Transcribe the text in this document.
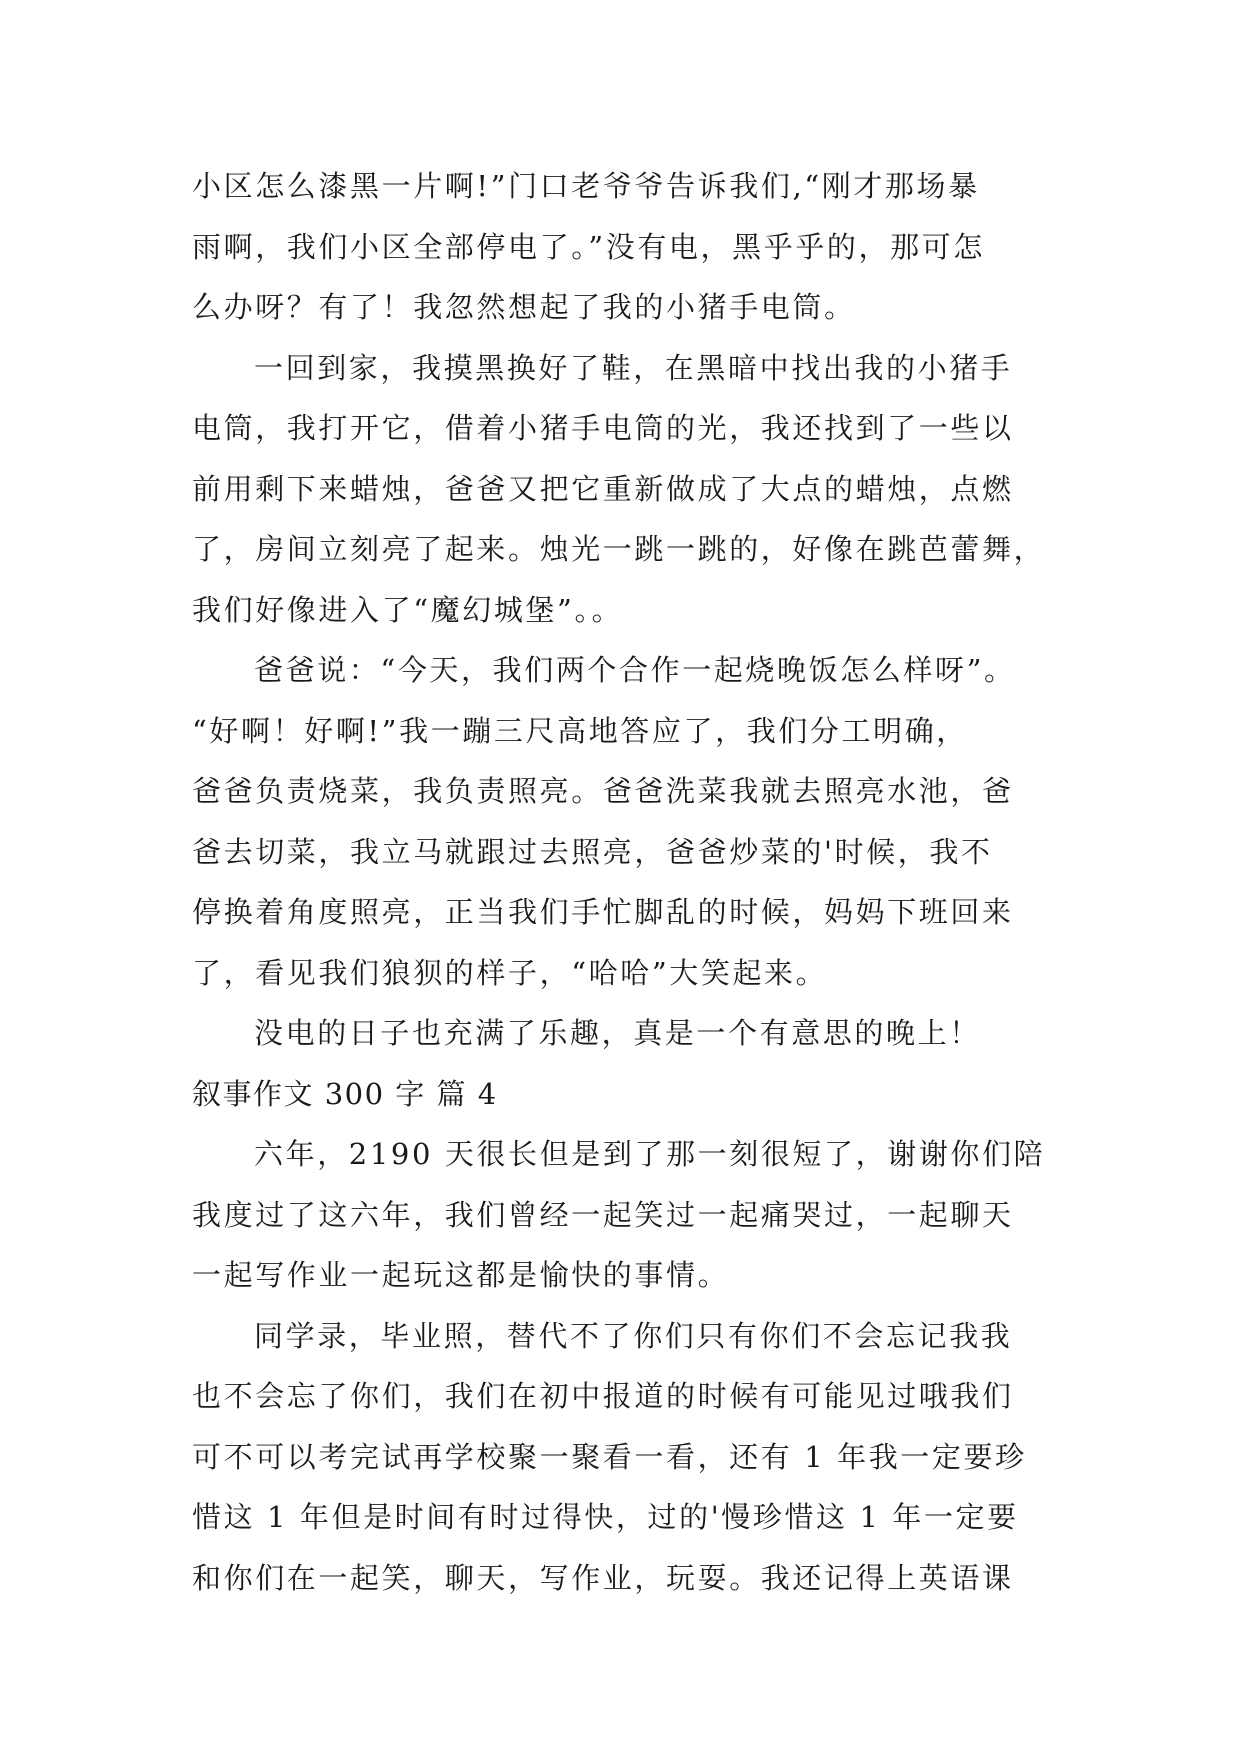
小区怎么漆黑一片啊!”门口老爷爷告诉我们,“刚才那场暴
雨啊，我们小区全部停电了。”没有电，黑乎乎的，那可怎
么办呀？有了！我忽然想起了我的小猪手电筒。
一回到家，我摸黑换好了鞋，在黑暗中找出我的小猪手
电筒，我打开它，借着小猪手电筒的光，我还找到了一些以
前用剩下来蜡烛，爸爸又把它重新做成了大点的蜡烛，点燃
了，房间立刻亮了起来。烛光一跳一跳的，好像在跳芭蕾舞，
我们好像进入了“魔幻城堡”。。
爸爸说：“今天，我们两个合作一起烧晚饭怎么样呀”。
“好啊！好啊!”我一蹦三尺高地答应了，我们分工明确，
爸爸负责烧菜，我负责照亮。爸爸洗菜我就去照亮水池，爸
爸去切菜，我立马就跟过去照亮，爸爸炒菜的'时候，我不
停换着角度照亮，正当我们手忙脚乱的时候，妈妈下班回来
了，看见我们狼狈的样子，“哈哈”大笑起来。
没电的日子也充满了乐趣，真是一个有意思的晚上！
叙事作文 300 字 篇 4
六年，2190 天很长但是到了那一刻很短了，谢谢你们陪
我度过了这六年，我们曾经一起笑过一起痛哭过，一起聊天
一起写作业一起玩这都是愉快的事情。
同学录，毕业照，替代不了你们只有你们不会忘记我我
也不会忘了你们，我们在初中报道的时候有可能见过哦我们
可不可以考完试再学校聚一聚看一看，还有 1 年我一定要珍
惜这 1 年但是时间有时过得快，过的'慢珍惜这 1 年一定要
和你们在一起笑，聊天，写作业，玩耍。我还记得上英语课
